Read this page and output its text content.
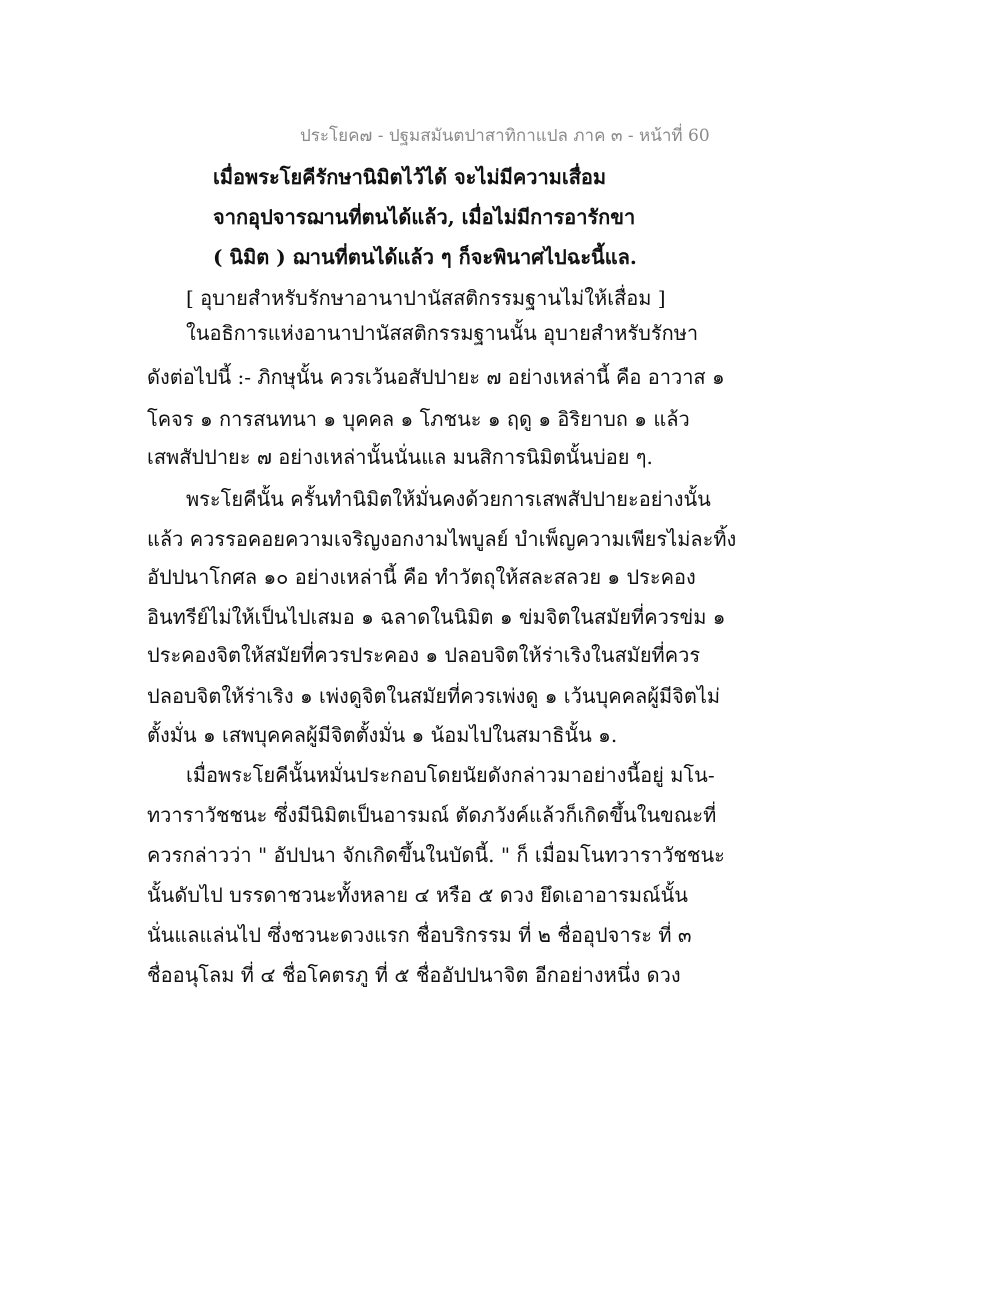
ประโยค๗ - ปฐมสมันตปาสาทิกาแปล ภาค ๓ - หน้าที่ 60
เมื่อพระโยคีรักษานิมิตไว้ได้ จะไม่มีความเสื่อม
จากอุปจารฌานที่ตนได้แล้ว, เมื่อไม่มีการอารักขา
( นิมิต ) ฌานที่ตนได้แล้ว ๆ ก็จะพินาศไปฉะนี้แล.
[ อุบายสำหรับรักษาอานาปานัสสติกรรมฐานไม่ให้เสื่อม ]
ในอธิการแห่งอานาปานัสสติกรรมฐานนั้น อุบายสำหรับรักษา
ดังต่อไปนี้ :- ภิกษุนั้น ควรเว้นอสัปปายะ ๗ อย่างเหล่านี้ คือ อาวาส ๑
โคจร ๑ การสนทนา ๑ บุคคล ๑ โภชนะ ๑ ฤดู ๑ อิริยาบถ ๑ แล้ว
เสพสัปปายะ ๗ อย่างเหล่านั้นนั่นแล มนสิการนิมิตนั้นบ่อย ๆ.
พระโยคีนั้น ครั้นทำนิมิตให้มั่นคงด้วยการเสพสัปปายะอย่างนั้น
แล้ว ควรรอคอยความเจริญงอกงามไพบูลย์ บำเพ็ญความเพียรไม่ละทิ้ง
อัปปนาโกศล ๑๐ อย่างเหล่านี้ คือ ทำวัตถุให้สละสลวย ๑ ประคอง
อินทรีย์ไม่ให้เป็นไปเสมอ ๑ ฉลาดในนิมิต ๑ ข่มจิตในสมัยที่ควรข่ม ๑
ประคองจิตให้สมัยที่ควรประคอง ๑ ปลอบจิตให้ร่าเริงในสมัยที่ควร
ปลอบจิตให้ร่าเริง ๑ เพ่งดูจิตในสมัยที่ควรเพ่งดู ๑ เว้นบุคคลผู้มีจิตไม่
ตั้งมั่น ๑ เสพบุคคลผู้มีจิตตั้งมั่น ๑ น้อมไปในสมาธินั้น ๑.
เมื่อพระโยคีนั้นหมั่นประกอบโดยนัยดังกล่าวมาอย่างนี้อยู่ มโน-
ทวาราวัชชนะ ซึ่งมีนิมิตเป็นอารมณ์ ตัดภวังค์แล้วก็เกิดขึ้นในขณะที่
ควรกล่าวว่า " อัปปนา จักเกิดขึ้นในบัดนี้. " ก็ เมื่อมโนทวาราวัชชนะ
นั้นดับไป บรรดาชวนะทั้งหลาย ๔ หรือ ๕ ดวง ยึดเอาอารมณ์นั้น
นั่นแลแล่นไป ซึ่งชวนะดวงแรก ชื่อบริกรรม ที่ ๒ ชื่ออุปจาระ ที่ ๓
ชื่ออนุโลม ที่ ๔ ชื่อโคตรภู ที่ ๕ ชื่ออัปปนาจิต อีกอย่างหนึ่ง ดวง
